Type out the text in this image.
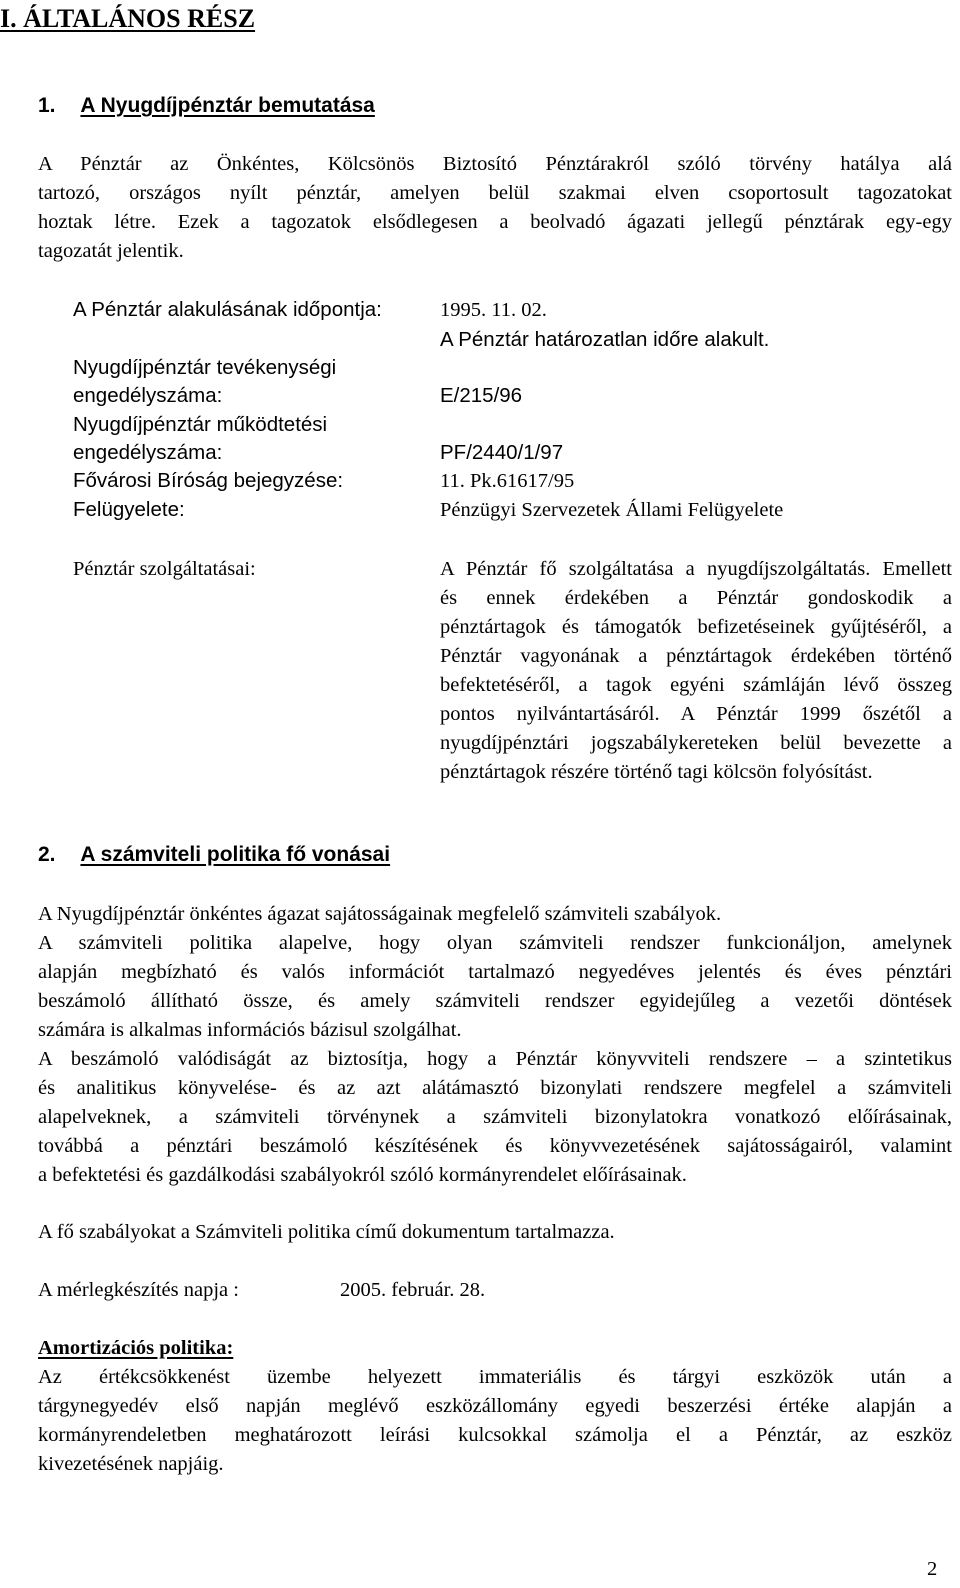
I. ÁLTALÁNOS RÉSZ
1. A Nyugdíjpénztár bemutatása
A Pénztár az Önkéntes, Kölcsönös Biztosító Pénztárakról szóló törvény hatálya alá
tartozó, országos nyílt pénztár, amelyen belül szakmai elven csoportosult tagozatokat
hoztak létre. Ezek a tagozatok elsődlegesen a beolvadó ágazati jellegű pénztárak egy-egy
tagozatát jelentik.
A Pénztár alakulásának időpontja:	1995. 11. 02.
A Pénztár határozatlan időre alakult.
Nyugdíjpénztár tevékenységi
engedélyszáma:	E/215/96
Nyugdíjpénztár működtetési
engedélyszáma:	PF/2440/1/97
Fővárosi Bíróság bejegyzése:	11. Pk.61617/95
Felügyelete:	Pénzügyi Szervezetek Állami Felügyelete
Pénztár szolgáltatásai:	A Pénztár fő szolgáltatása a nyugdíjszolgáltatás. Emellett
és ennek érdekében a Pénztár gondoskodik a
pénztártagok és támogatók befizetéseinek gyűjtéséről, a
Pénztár vagyonának a pénztártagok érdekében történő
befektetéséről, a tagok egyéni számláján lévő összeg
pontos nyilvántartásáról. A Pénztár 1999 őszétől a
nyugdíjpénztári jogszabálykereteken belül bevezette a
pénztártagok részére történő tagi kölcsön folyósítást.
2. A számviteli politika fő vonásai
A Nyugdíjpénztár önkéntes ágazat sajátosságainak megfelelő számviteli szabályok.
A számviteli politika alapelve, hogy olyan számviteli rendszer funkcionáljon, amelynek
alapján megbízható és valós információt tartalmazó negyedéves jelentés és éves pénztári
beszámoló állítható össze, és amely számviteli rendszer egyidejűleg a vezetői döntések
számára is alkalmas információs bázisul szolgálhat.
A beszámoló valódiságát az biztosítja, hogy a Pénztár könyvviteli rendszere – a szintetikus
és analitikus könyvelése- és az azt alátámasztó bizonylati rendszere megfelel a számviteli
alapelveknek, a számviteli törvénynek a számviteli bizonylatokra vonatkozó előírásainak,
továbbá a pénztári beszámoló készítésének és könyvvezetésének sajátosságairól, valamint
a befektetési és gazdálkodási szabályokról szóló kormányrendelet előírásainak.
A fő szabályokat a Számviteli politika című dokumentum tartalmazza.
A mérlegkészítés napja :	2005. február. 28.
Amortizációs politika:
Az értékcsökkenést üzembe helyezett immateriális és tárgyi eszközök után a
tárgynegyedév első napján meglévő eszközállomány egyedi beszerzési értéke alapján a
kormányrendeletben meghatározott leírási kulcsokkal számolja el a Pénztár, az eszköz
kivezetésének napjáig.
2
